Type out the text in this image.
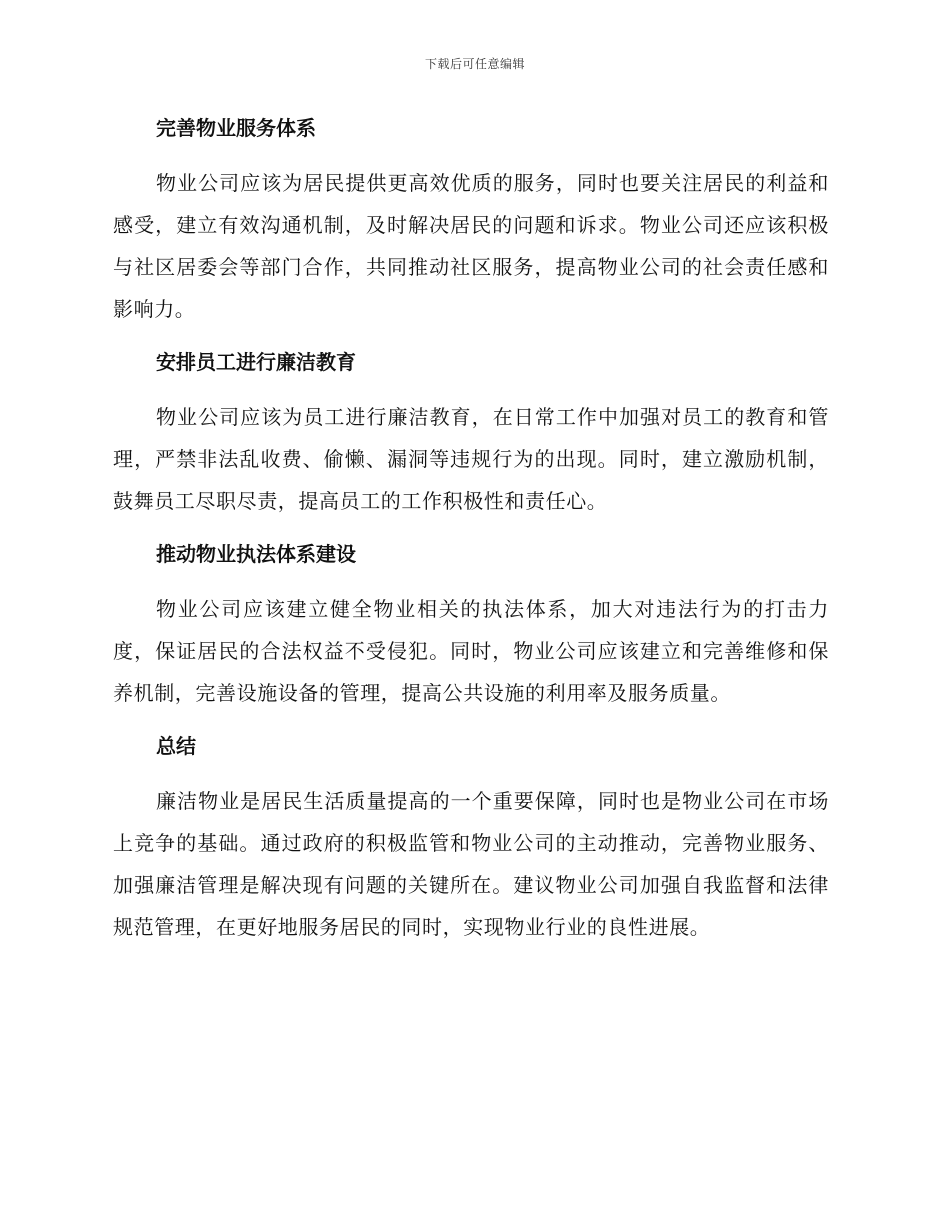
下载后可任意编辑
完善物业服务体系

物业公司应该为居民提供更高效优质的服务，同时也要关注居民的利益和感受，建立有效沟通机制，及时解决居民的问题和诉求。物业公司还应该积极与社区居委会等部门合作，共同推动社区服务，提高物业公司的社会责任感和影响力。

安排员工进行廉洁教育

物业公司应该为员工进行廉洁教育，在日常工作中加强对员工的教育和管理，严禁非法乱收费、偷懒、漏洞等违规行为的出现。同时，建立激励机制，鼓舞员工尽职尽责，提高员工的工作积极性和责任心。

推动物业执法体系建设

物业公司应该建立健全物业相关的执法体系，加大对违法行为的打击力度，保证居民的合法权益不受侵犯。同时，物业公司应该建立和完善维修和保养机制，完善设施设备的管理，提高公共设施的利用率及服务质量。

总结

廉洁物业是居民生活质量提高的一个重要保障，同时也是物业公司在市场上竞争的基础。通过政府的积极监管和物业公司的主动推动，完善物业服务、加强廉洁管理是解决现有问题的关键所在。建议物业公司加强自我监督和法律规范管理，在更好地服务居民的同时，实现物业行业的良性进展。
